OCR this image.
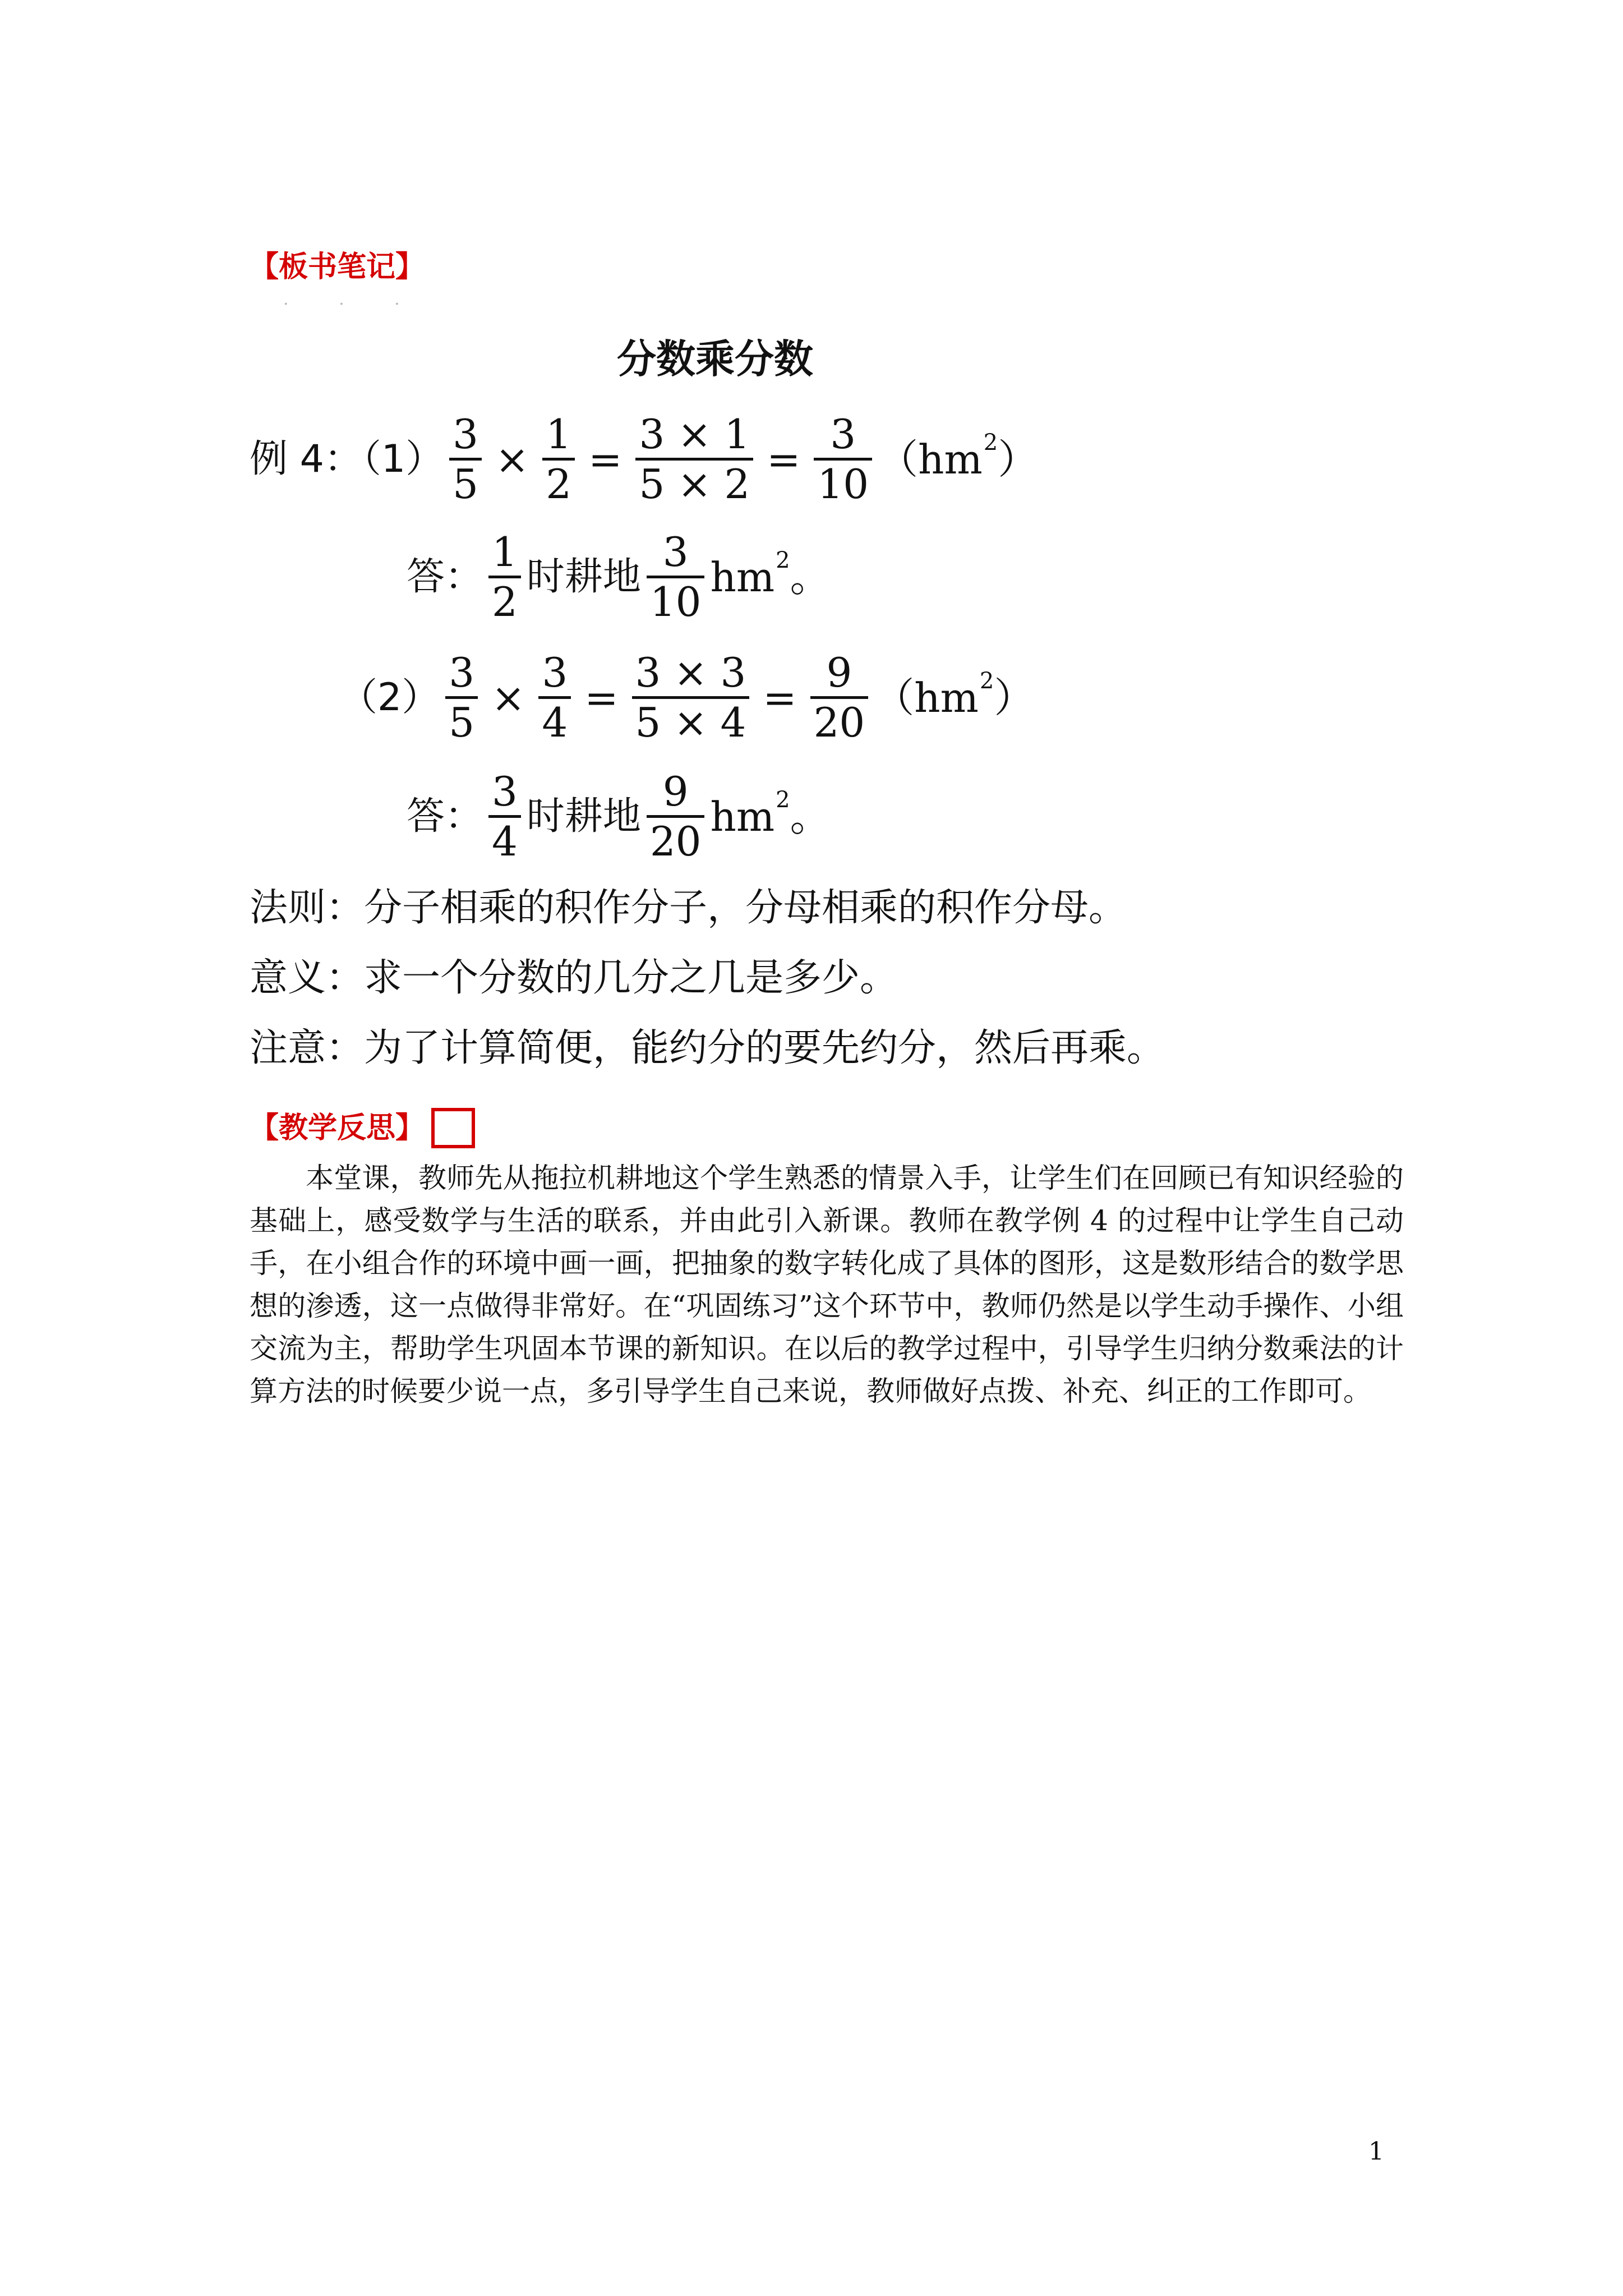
【板书笔记】
· · ·
分数乘分数
例 4：$(1) \frac{3}{5} \times \frac{1}{2} = \frac{3 \times 1}{5 \times 2} = \frac{3}{10} (hm^2)$
答： $\frac{1}{2}$ 时耕地 $\frac{3}{10} hm^2$。
$(2) \frac{3}{5} \times \frac{3}{4} = \frac{3 \times 3}{5 \times 4} = \frac{9}{20} (hm^2)$
答： $\frac{3}{4}$ 时耕地 $\frac{9}{20} hm^2$。
法则：分子相乘的积作分子，分母相乘的积作分母。
意义：求一个分数的几分之几是多少。
注意：为了计算简便，能约分的要先约分，然后再乘。
【教学反思】
本堂课，教师先从拖拉机耕地这个学生熟悉的情景入手，让学生们在回顾已有知识经验的基础上，感受数学与生活的联系，并由此引入新课。教师在教学例 4 的过程中让学生自己动手，在小组合作的环境中画一画，把抽象的数字转化成了具体的图形，这是数形结合的数学思想的渗透，这一点做得非常好。在“巩固练习”这个环节中，教师仍然是以学生动手操作、小组交流为主，帮助学生巩固本节课的新知识。在以后的教学过程中，引导学生归纳分数乘法的计算方法的时候要少说一点，多引导学生自己来说，教师做好点拨、补充、纠正的工作即可。
1
